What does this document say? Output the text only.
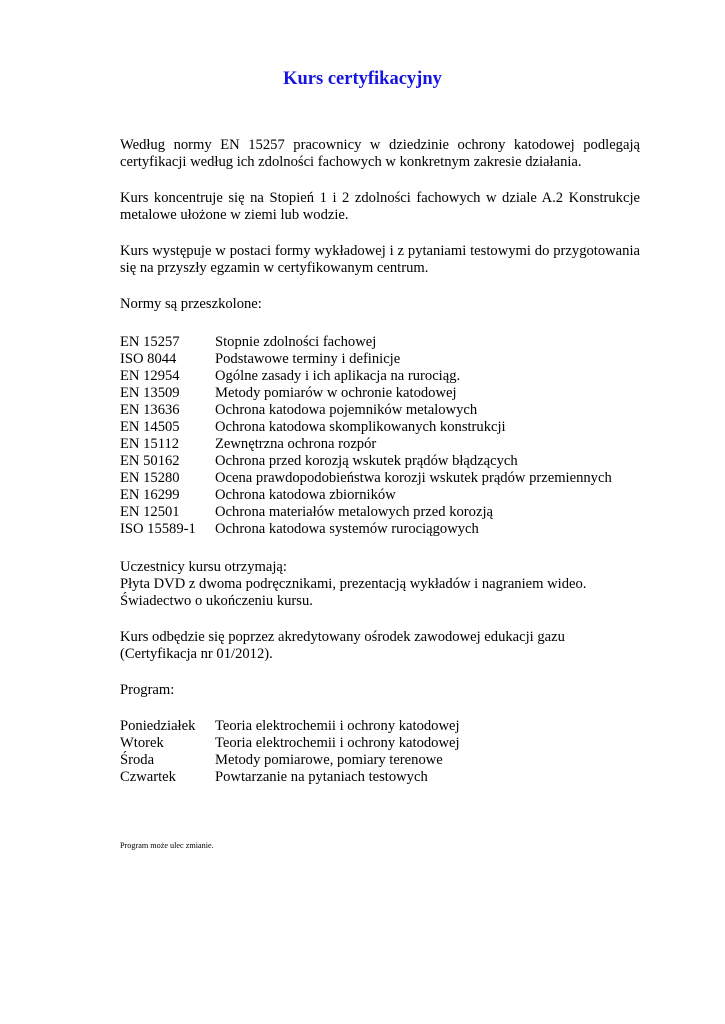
Kurs certyfikacyjny

Według normy EN 15257 pracownicy w dziedzinie ochrony katodowej podlegają certyfikacji według ich zdolności fachowych w konkretnym zakresie działania.

Kurs koncentruje się na Stopień 1 i 2 zdolności fachowych w dziale A.2 Konstrukcje metalowe ułożone w ziemi lub wodzie.

Kurs występuje w postaci formy wykładowej i z pytaniami testowymi do przygotowania się na przyszły egzamin w certyfikowanym centrum.

Normy są przeszkolone:
EN 15257	Stopnie zdolności fachowej
ISO 8044	Podstawowe terminy i definicje
EN 12954	Ogólne zasady i ich aplikacja na rurociąg.
EN 13509	Metody pomiarów w ochronie katodowej
EN 13636	Ochrona katodowa pojemników metalowych
EN 14505	Ochrona katodowa skomplikowanych konstrukcji
EN 15112	Zewnętrzna ochrona rozpór
EN 50162	Ochrona przed korozją wskutek prądów błądzących
EN 15280	Ocena prawdopodobieństwa korozji wskutek prądów przemiennych
EN 16299	Ochrona katodowa zbiorników
EN 12501	Ochrona materiałów metalowych przed korozją
ISO 15589-1	Ochrona katodowa systemów rurociągowych
Uczestnicy kursu otrzymają:
Płyta DVD z dwoma podręcznikami, prezentacją wykładów i nagraniem wideo.
Świadectwo o ukończeniu kursu.
Kurs odbędzie się poprzez akredytowany ośrodek zawodowej edukacji gazu
(Certyfikacja nr 01/2012).
Program:
Poniedziałek	Teoria elektrochemii i ochrony katodowej
Wtorek	Teoria elektrochemii i ochrony katodowej
Środa	Metody pomiarowe, pomiary terenowe
Czwartek	Powtarzanie na pytaniach testowych
Program może ulec zmianie.
